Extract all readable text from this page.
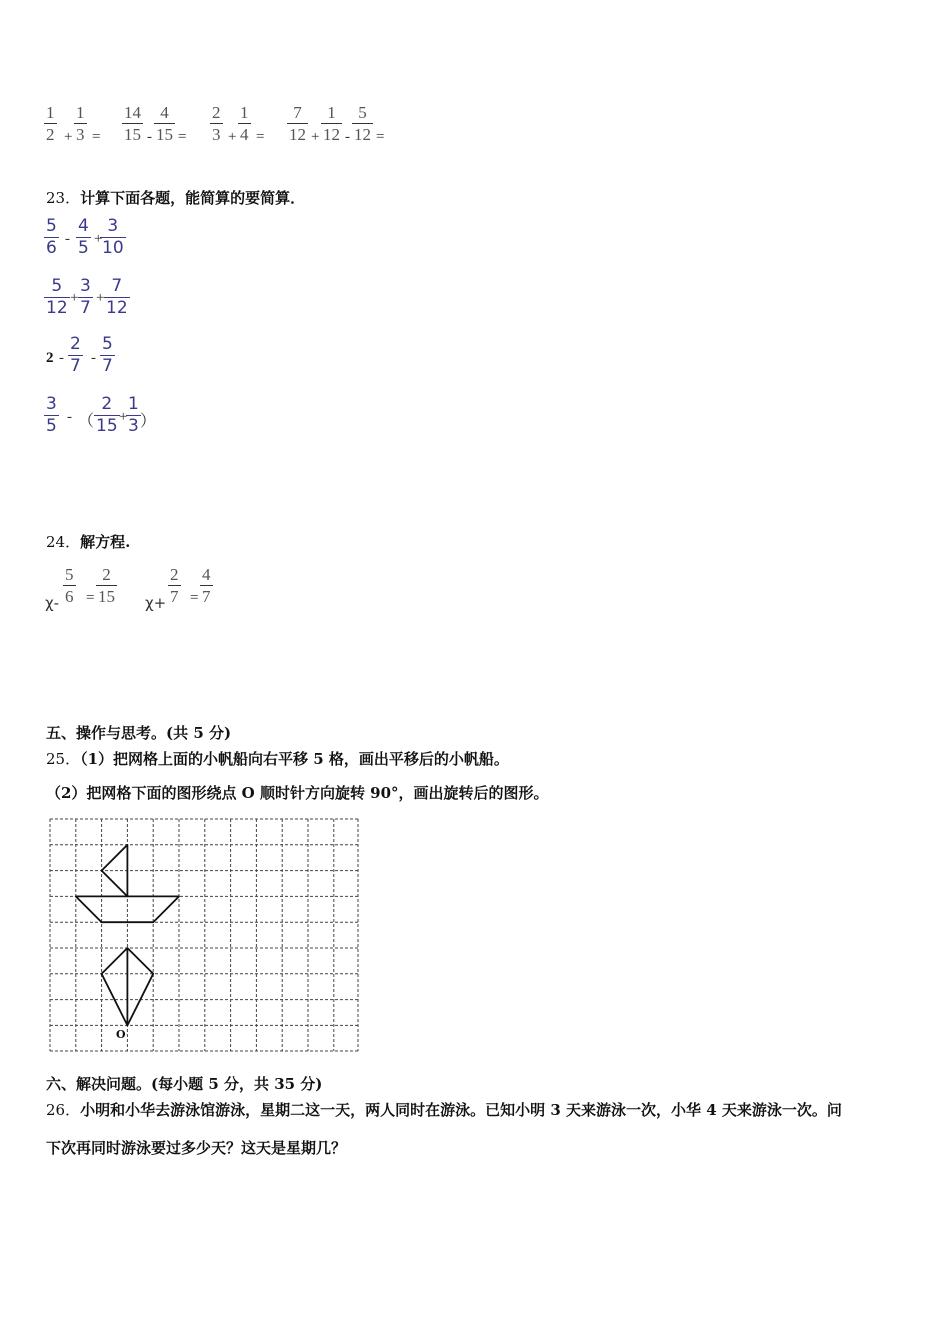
1
2 +
1
3 =
14
15 -
4
15 =
2
3 +
1
4 =
7
12 +
1
12 -
5
12 =
23．计算下面各题，能简算的要简算．
5
6 -
4
5 +
3
10
5
12 +
3
7 +
7
12
2 -
2
7 -
5
7
3
5 - （
2
15 +
1
3 ）
24．解方程.
χ-
5
6 =
2
15 χ+
2
7 =
4
7
五、操作与思考。(共 5 分)
25．（1）把网格上面的小帆船向右平移 5 格，画出平移后的小帆船。
（2）把网格下面的图形绕点 O 顺时针方向旋转 90°，画出旋转后的图形。
O
六、解决问题。(每小题 5 分，共 35 分)
26．小明和小华去游泳馆游泳，星期二这一天，两人同时在游泳。已知小明 3 天来游泳一次，小华 4 天来游泳一次。问
下次再同时游泳要过多少天？这天是星期几？
